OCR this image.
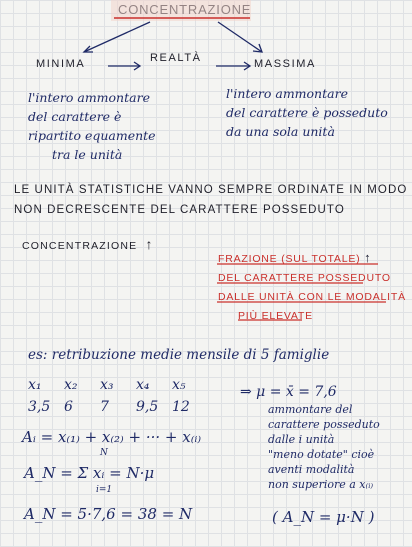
MINIMA	REALTÀ	MASSIMA
l'intero ammontare
del carattere è
ripartito equamente
tra le unità
l'intero ammontare
del carattere è posseduto
da una sola unità
LE UNITÀ STATISTICHE VANNO SEMPRE ORDINATE IN MODO
NON DECRESCENTE DEL CARATTERE POSSEDUTO
CONCENTRAZIONE ↑
FRAZIONE (SUL TOTALE) ↑
DEL CARATTERE POSSEDUTO
DALLE UNITÀ CON LE MODALITÀ
PIÙ ELEVATE
es: retribuzione medie mensile di 5 famiglie
x₁ x₂ x₃ x₄ x₅
3,5 6 7 9,5 12
⇒ μ = x̄ = 7,6
Aᵢ = x₍₁₎ + x₍₂₎ + ··· + x₍ᵢ₎
A_N = Σ xᵢ = N·μ
N
i=1
A_N = 5·7,6 = 38 = N
ammontare del
carattere posseduto
dalle i unità
"meno dotate" cioè
aventi modalità
non superiore a x₍ᵢ₎
( A_N = μ·N )
